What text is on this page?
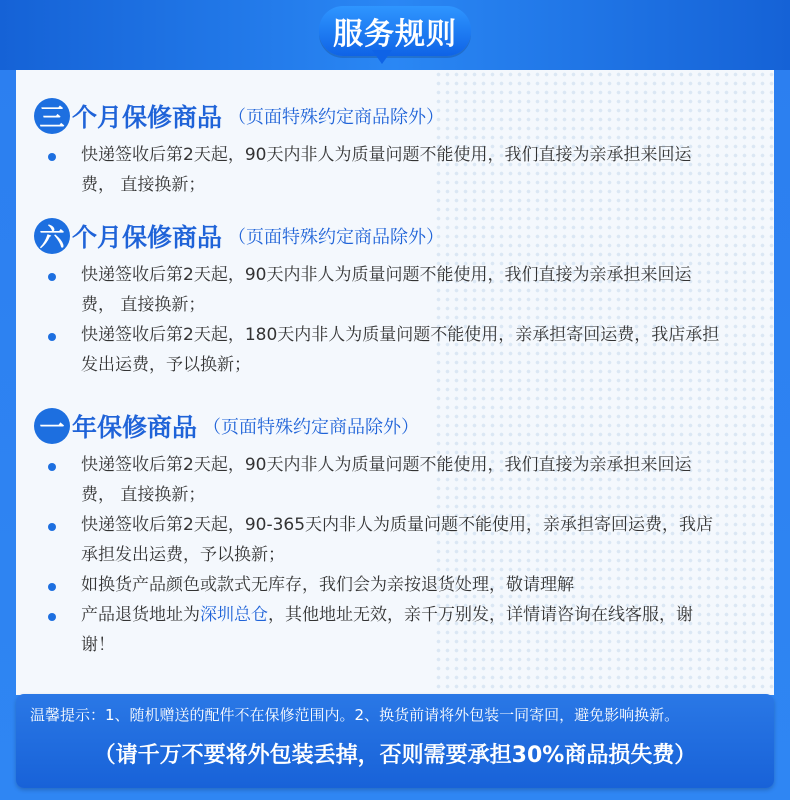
服务规则
三 个月保修商品 （页面特殊约定商品除外）
快递签收后第2天起，90天内非人为质量问题不能使用，我们直接为亲承担来回运费， 直接换新；
六 个月保修商品 （页面特殊约定商品除外）
快递签收后第2天起，90天内非人为质量问题不能使用，我们直接为亲承担来回运费， 直接换新；
快递签收后第2天起，180天内非人为质量问题不能使用，亲承担寄回运费，我店承担发出运费，予以换新；
一 年保修商品 （页面特殊约定商品除外）
快递签收后第2天起，90天内非人为质量问题不能使用，我们直接为亲承担来回运费， 直接换新；
快递签收后第2天起，90-365天内非人为质量问题不能使用，亲承担寄回运费，我店承担发出运费，予以换新；
如换货产品颜色或款式无库存，我们会为亲按退货处理，敬请理解
产品退货地址为深圳总仓，其他地址无效，亲千万别发，详情请咨询在线客服，谢谢！
温馨提示：1、随机赠送的配件不在保修范围内。2、换货前请将外包装一同寄回，避免影响换新。
（请千万不要将外包装丢掉，否则需要承担30%商品损失费）
